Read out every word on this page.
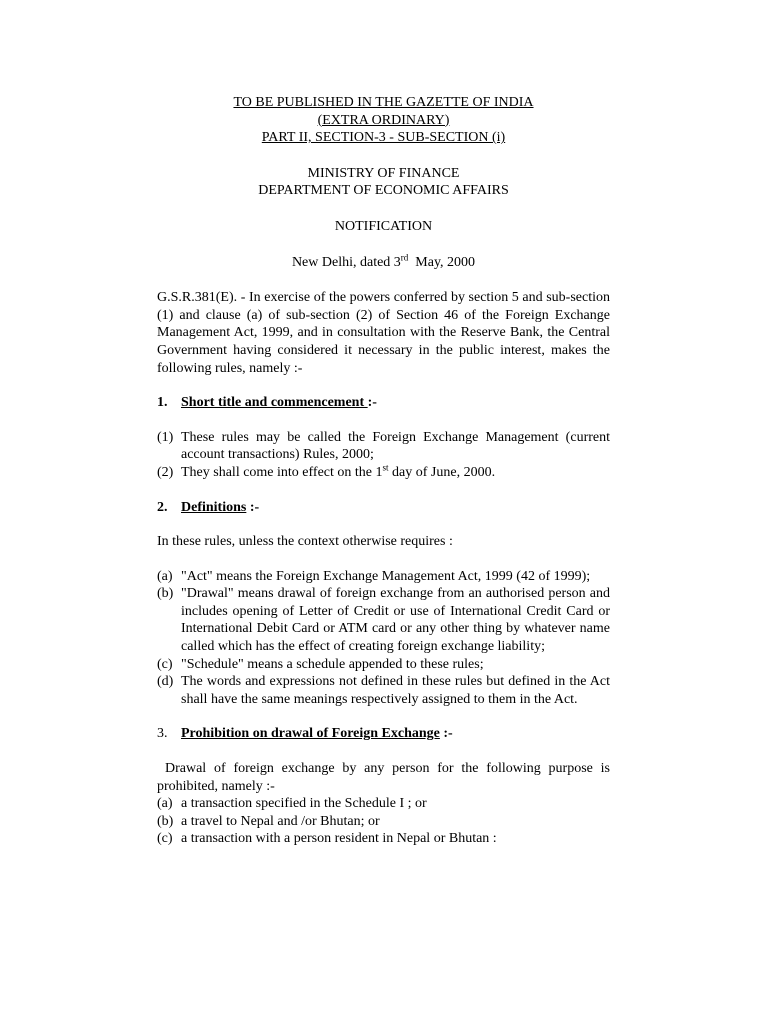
TO BE PUBLISHED IN THE GAZETTE OF INDIA

(EXTRA ORDINARY)

PART II, SECTION-3 - SUB-SECTION (i)

MINISTRY OF FINANCE

DEPARTMENT OF ECONOMIC AFFAIRS

NOTIFICATION

New Delhi, dated 3rd  May, 2000

G.S.R.381(E). - In exercise of the powers conferred by section 5 and sub-section (1) and clause (a) of sub-section (2) of Section 46 of the Foreign Exchange Management Act, 1999, and in consultation with the Reserve Bank, the Central Government having considered it necessary in the public interest, makes the following rules, namely :-

1. Short title and commencement :-
(1) These rules may be called the Foreign Exchange Management (current account transactions) Rules, 2000;
(2) They shall come into effect on the 1st day of June, 2000.
2. Definitions :-

In these rules, unless the context otherwise requires :

(a) "Act" means the Foreign Exchange Management Act, 1999 (42 of 1999);
(b) "Drawal" means drawal of foreign exchange from an authorised person and includes opening of Letter of Credit or use of International Credit Card or International Debit Card or ATM card or any other thing by whatever name called which has the effect of creating foreign exchange liability;
(c) "Schedule" means a schedule appended to these rules;
(d) The words and expressions not defined in these rules but defined in the Act shall have the same meanings respectively assigned to them in the Act.
3. Prohibition on drawal of Foreign Exchange :-

Drawal of foreign exchange by any person for the following purpose is prohibited, namely :-

(a) a transaction specified in the Schedule I ; or
(b) a travel to Nepal and /or Bhutan; or
(c) a transaction with a person resident in Nepal or Bhutan :
